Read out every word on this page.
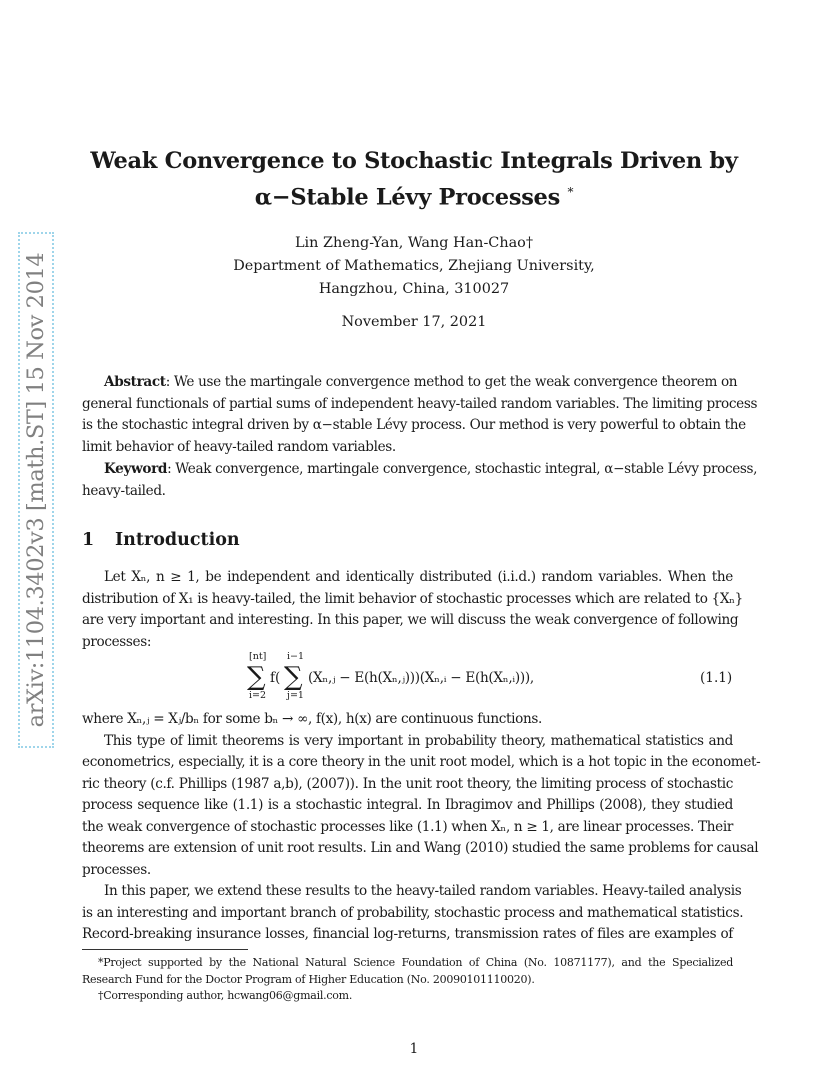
arXiv:1104.3402v3 [math.ST] 15 Nov 2014
Weak Convergence to Stochastic Integrals Driven by
α−Stable Lévy Processes *
Lin Zheng-Yan, Wang Han-Chao†
Department of Mathematics, Zhejiang University,
Hangzhou, China, 310027
November 17, 2021
Abstract: We use the martingale convergence method to get the weak convergence theorem on
general functionals of partial sums of independent heavy-tailed random variables. The limiting process
is the stochastic integral driven by α−stable Lévy process. Our method is very powerful to obtain the
limit behavior of heavy-tailed random variables.
Keyword: Weak convergence, martingale convergence, stochastic integral, α−stable Lévy process,
heavy-tailed.
1 Introduction
Let Xₙ, n ≥ 1, be independent and identically distributed (i.i.d.) random variables. When the
distribution of X₁ is heavy-tailed, the limit behavior of stochastic processes which are related to {Xₙ}
are very important and interesting. In this paper, we will discuss the weak convergence of following
processes:
[nt]
∑
i=2
f(
i−1
∑
j=1
(Xₙ,ⱼ − E(h(Xₙ,ⱼ)))(Xₙ,ᵢ − E(h(Xₙ,ᵢ))),	(1.1)
where Xₙ,ⱼ = Xⱼ/bₙ for some bₙ → ∞, f(x), h(x) are continuous functions.
This type of limit theorems is very important in probability theory, mathematical statistics and
econometrics, especially, it is a core theory in the unit root model, which is a hot topic in the economet-
ric theory (c.f. Phillips (1987 a,b), (2007)). In the unit root theory, the limiting process of stochastic
process sequence like (1.1) is a stochastic integral. In Ibragimov and Phillips (2008), they studied
the weak convergence of stochastic processes like (1.1) when Xₙ, n ≥ 1, are linear processes. Their
theorems are extension of unit root results. Lin and Wang (2010) studied the same problems for causal
processes.
In this paper, we extend these results to the heavy-tailed random variables. Heavy-tailed analysis
is an interesting and important branch of probability, stochastic process and mathematical statistics.
Record-breaking insurance losses, financial log-returns, transmission rates of files are examples of
*Project supported by the National Natural Science Foundation of China (No. 10871177), and the Specialized
Research Fund for the Doctor Program of Higher Education (No. 20090101110020).
†Corresponding author, hcwang06@gmail.com.
1
